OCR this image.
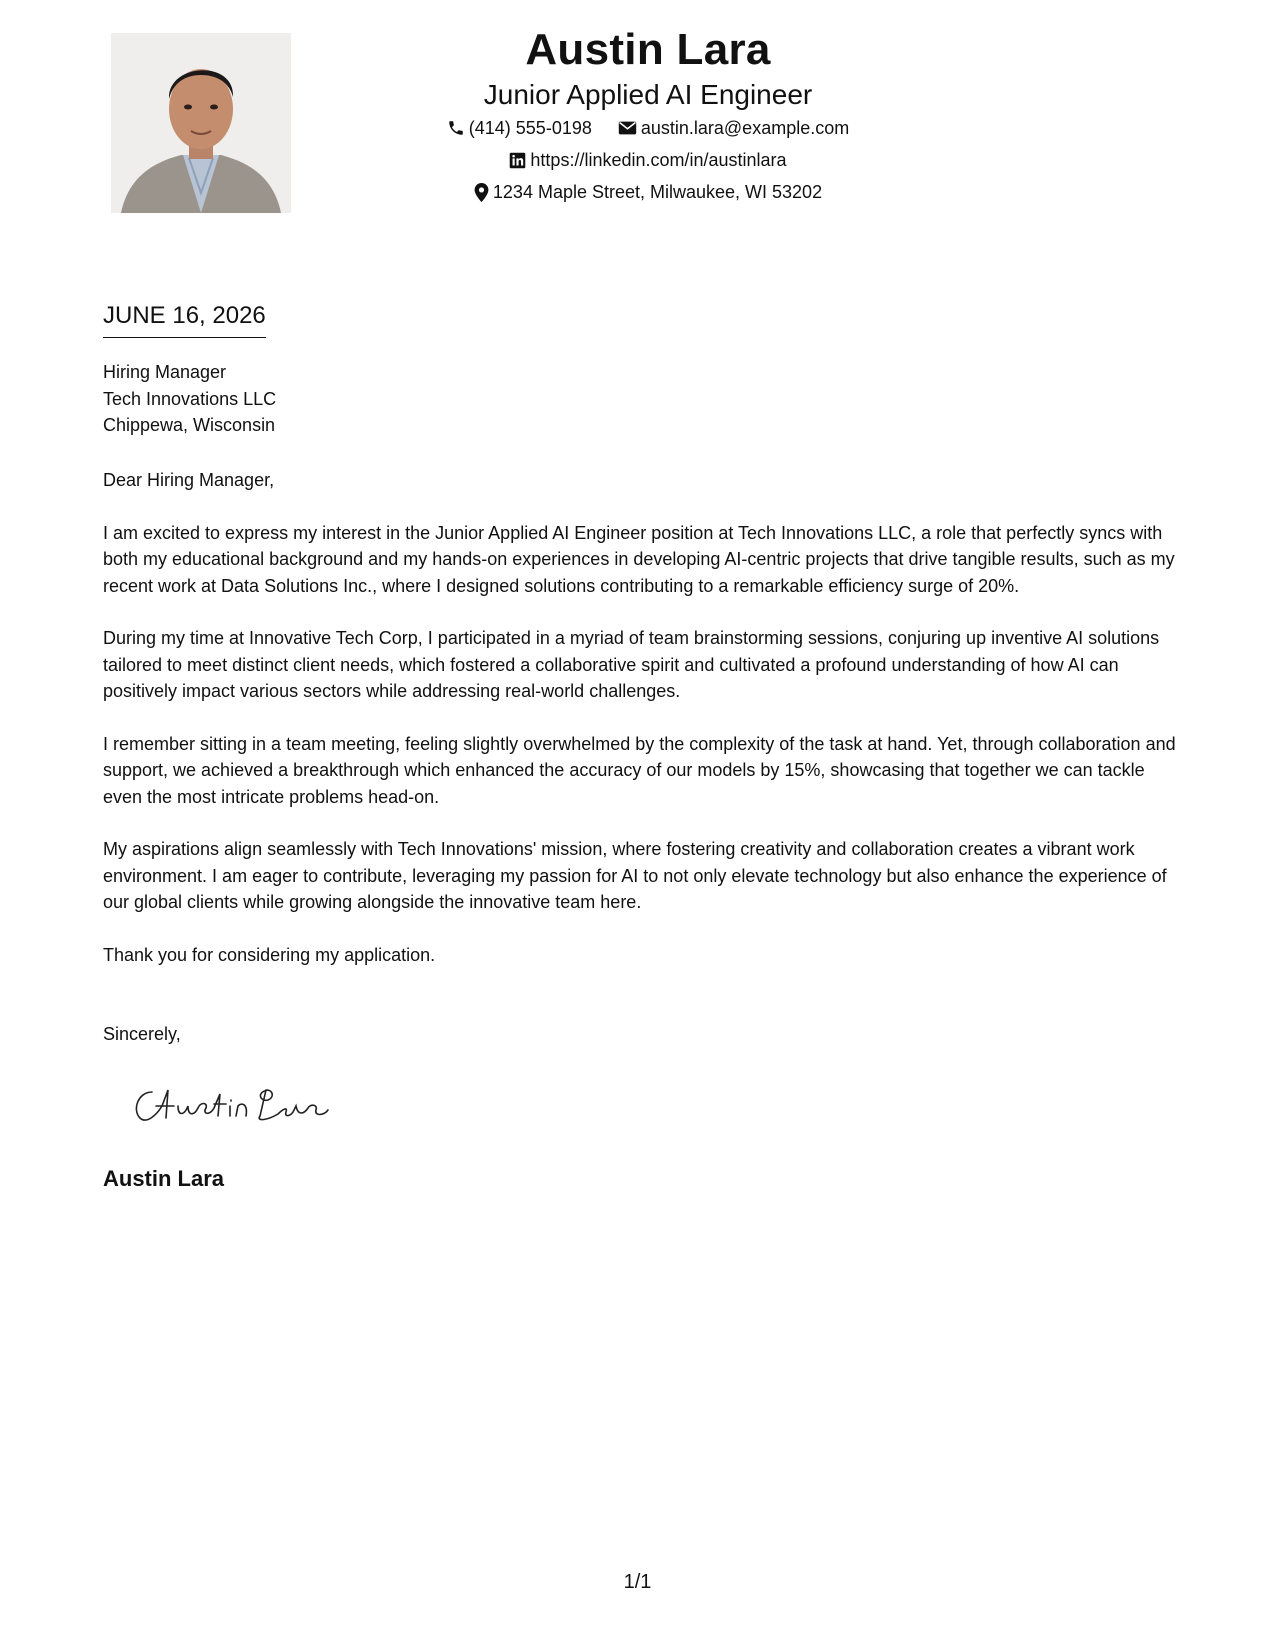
Austin Lara
Junior Applied AI Engineer
(414) 555-0198	austin.lara@example.com
https://linkedin.com/in/austinlara
1234 Maple Street, Milwaukee, WI 53202
JUNE 16, 2026
Hiring Manager
Tech Innovations LLC
Chippewa, Wisconsin

Dear Hiring Manager,

I am excited to express my interest in the Junior Applied AI Engineer position at Tech Innovations LLC, a role that perfectly syncs with both my educational background and my hands-on experiences in developing AI-centric projects that drive tangible results, such as my recent work at Data Solutions Inc., where I designed solutions contributing to a remarkable efficiency surge of 20%.

During my time at Innovative Tech Corp, I participated in a myriad of team brainstorming sessions, conjuring up inventive AI solutions tailored to meet distinct client needs, which fostered a collaborative spirit and cultivated a profound understanding of how AI can positively impact various sectors while addressing real-world challenges.

I remember sitting in a team meeting, feeling slightly overwhelmed by the complexity of the task at hand. Yet, through collaboration and support, we achieved a breakthrough which enhanced the accuracy of our models by 15%, showcasing that together we can tackle even the most intricate problems head-on.

My aspirations align seamlessly with Tech Innovations' mission, where fostering creativity and collaboration creates a vibrant work environment. I am eager to contribute, leveraging my passion for AI to not only elevate technology but also enhance the experience of our global clients while growing alongside the innovative team here.

Thank you for considering my application.

Sincerely,
Austin Lara
1/1
